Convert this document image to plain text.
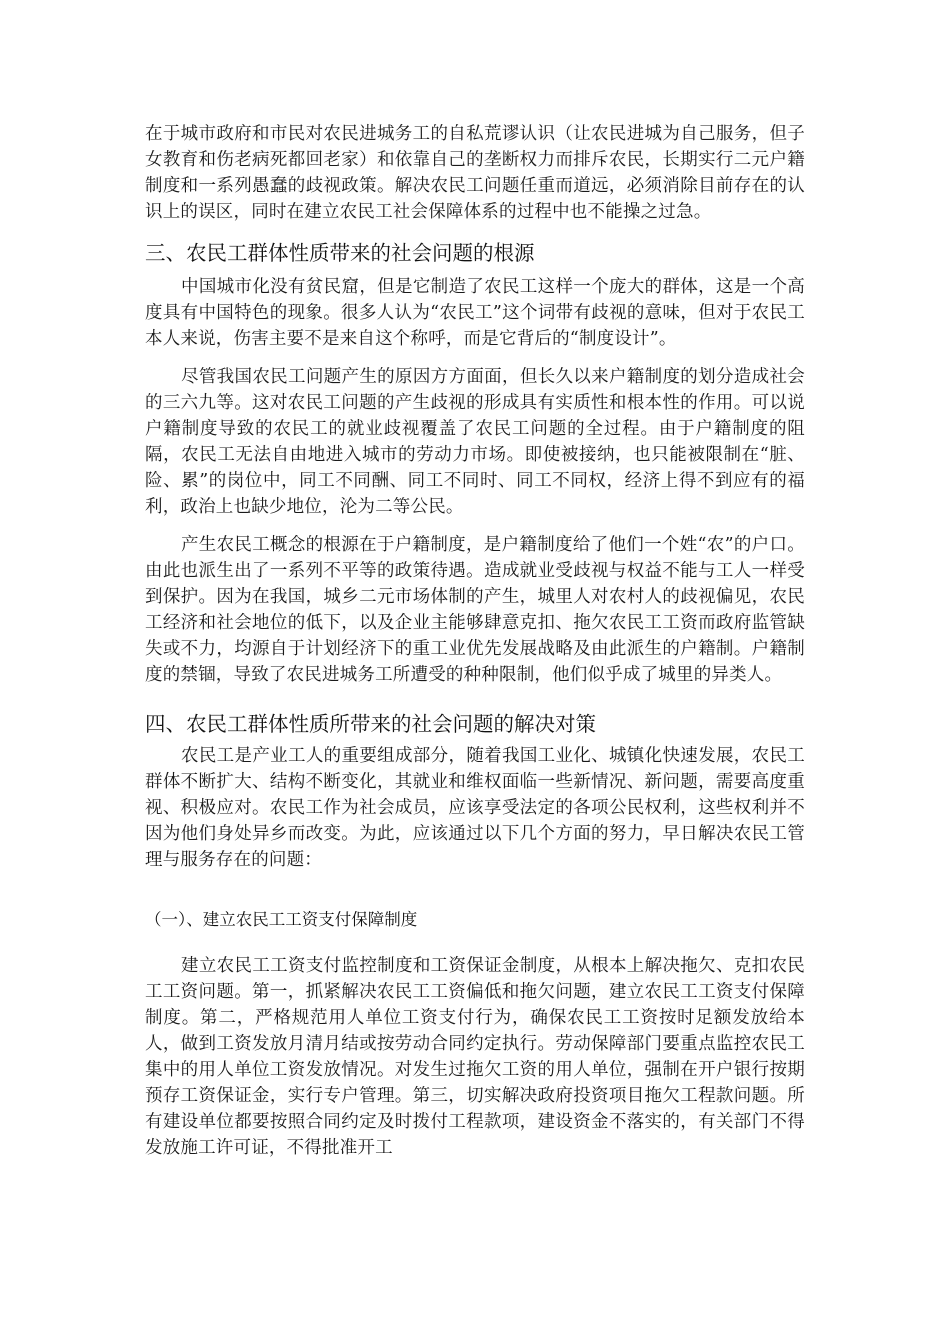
在于城市政府和市民对农民进城务工的自私荒谬认识（让农民进城为自己服务，但子女教育和伤老病死都回老家）和依靠自己的垄断权力而排斥农民，长期实行二元户籍制度和一系列愚蠢的歧视政策。解决农民工问题任重而道远，必须消除目前存在的认识上的误区，同时在建立农民工社会保障体系的过程中也不能操之过急。

三、农民工群体性质带来的社会问题的根源

中国城市化没有贫民窟，但是它制造了农民工这样一个庞大的群体，这是一个高度具有中国特色的现象。很多人认为“农民工”这个词带有歧视的意味，但对于农民工本人来说，伤害主要不是来自这个称呼，而是它背后的“制度设计”。

尽管我国农民工问题产生的原因方方面面，但长久以来户籍制度的划分造成社会的三六九等。这对农民工问题的产生歧视的形成具有实质性和根本性的作用。可以说户籍制度导致的农民工的就业歧视覆盖了农民工问题的全过程。由于户籍制度的阻隔，农民工无法自由地进入城市的劳动力市场。即使被接纳，也只能被限制在“脏、险、累”的岗位中，同工不同酬、同工不同时、同工不同权，经济上得不到应有的福利，政治上也缺少地位，沦为二等公民。

产生农民工概念的根源在于户籍制度，是户籍制度给了他们一个姓“农”的户口。由此也派生出了一系列不平等的政策待遇。造成就业受歧视与权益不能与工人一样受到保护。因为在我国，城乡二元市场体制的产生，城里人对农村人的歧视偏见，农民工经济和社会地位的低下，以及企业主能够肆意克扣、拖欠农民工工资而政府监管缺失或不力，均源自于计划经济下的重工业优先发展战略及由此派生的户籍制。户籍制度的禁锢，导致了农民进城务工所遭受的种种限制，他们似乎成了城里的异类人。

四、农民工群体性质所带来的社会问题的解决对策

农民工是产业工人的重要组成部分，随着我国工业化、城镇化快速发展，农民工群体不断扩大、结构不断变化，其就业和维权面临一些新情况、新问题，需要高度重视、积极应对。农民工作为社会成员，应该享受法定的各项公民权利，这些权利并不因为他们身处异乡而改变。为此，应该通过以下几个方面的努力，早日解决农民工管理与服务存在的问题：

（一）、建立农民工工资支付保障制度

建立农民工工资支付监控制度和工资保证金制度，从根本上解决拖欠、克扣农民工工资问题。第一，抓紧解决农民工工资偏低和拖欠问题，建立农民工工资支付保障制度。第二，严格规范用人单位工资支付行为，确保农民工工资按时足额发放给本人，做到工资发放月清月结或按劳动合同约定执行。劳动保障部门要重点监控农民工集中的用人单位工资发放情况。对发生过拖欠工资的用人单位，强制在开户银行按期预存工资保证金，实行专户管理。第三，切实解决政府投资项目拖欠工程款问题。所有建设单位都要按照合同约定及时拨付工程款项，建设资金不落实的，有关部门不得发放施工许可证，不得批准开工
